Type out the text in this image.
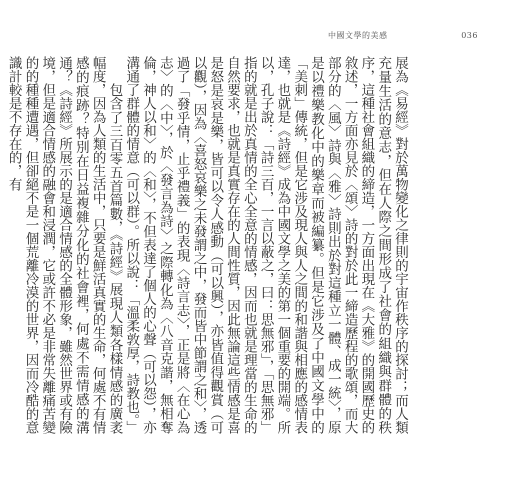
中國文學的美感	036

展為《易經》對於萬物變化之律則的宇宙作秩序的探討；而人類充量生活的意志，但在人際之間形成了社會的組織與群體的秩序，這種社會組織的締造，一方面出現在《大雅》的開國歷史的敘述，一方面亦見於〈頌〉詩的對於此一締造歷程的歌頌，而大部分的〈風〉詩與〈雅〉詩則出於對這種立一體、成一統〉，原是以禮樂教化中的樂章而被編纂。但是它涉及了中國文學中的「美刺」傳統，但是它涉及現人與人之間的和諧與相應的感情表達，也就是《詩經》成為中國文學之美的第一個重要的開端。所以，孔子說：「詩三百，一言以蔽之，曰：思無邪」，「思無邪」指的就是出於真情的全心全意的情感，因而也就是理當的生命的自然要求，也就是真實存在的人間性質，因此無論這些情感是喜是怒是哀是樂，皆可以令人感動（可以興），亦皆值得觀賞（可以觀），因為〈喜怒哀樂之未發謂之中，發而皆中節謂之和〉，透過了「發乎情，止乎禮義」的表現〈詩言志〉，正是將〈在心為志〉的〈中〉，於〈發言為詩〉之際轉化為〈八音克諧，無相奪倫，神人以和〉的〈和〉，不但表達了個人的心聲（可以怨），亦溝通了群體的情意（可以群）。所以說：「溫柔敦厚，詩教也。」

包含了三百零五首篇數，《詩經》展現人類各樣情感的廣袤幅度，因為人類的生活中，只要是鮮活真實的生命，何處不有情感的痕跡？特別在日益複雜分化的社會裡，何處不需情感的溝通？《詩經》所展示的是適合情感的全體形象，雖然世界或有險境，但是適合情感的融會和浸潤，它或許不必是非常失離痛苦變的的種種遭遇，但卻絕不是一個荒離冷漠的世界，因而冷酷的意識計較是不存在的，有
